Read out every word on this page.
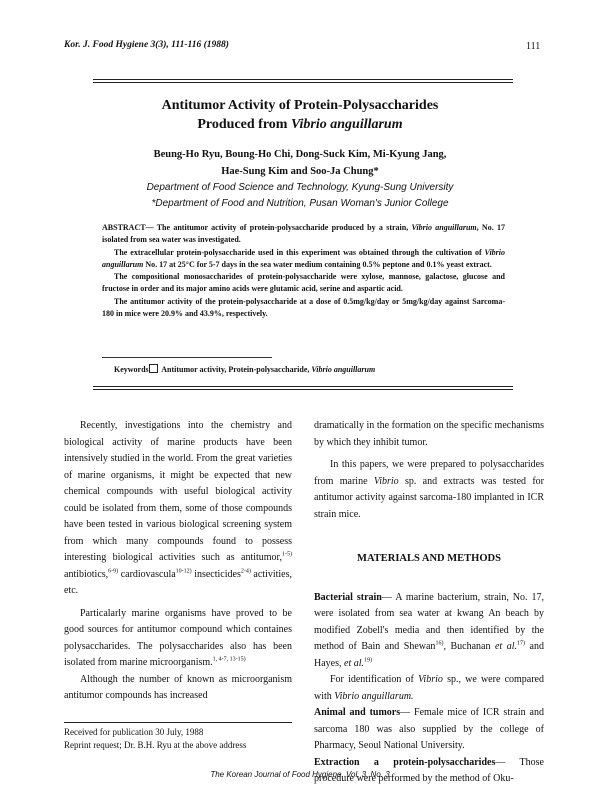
Kor. J. Food Hygiene 3(3), 111-116 (1988)	111
Antitumor Activity of Protein-Polysaccharides
Produced from Vibrio anguillarum
Beung-Ho Ryu, Boung-Ho Chi, Dong-Suck Kim, Mi-Kyung Jang,
Hae-Sung Kim and Soo-Ja Chung*
Department of Food Science and Technology, Kyung-Sung University
*Department of Food and Nutrition, Pusan Woman's Junior College

ABSTRACT— The antitumor activity of protein-polysaccharide produced by a strain, Vibrio anguillarum, No. 17 isolated from sea water was investigated.

The extracellular protein-polysaccharide used in this experiment was obtained through the cultivation of Vibrio anguillarum No. 17 at 25°C for 5-7 days in the sea water medium containing 0.5% peptone and 0.1% yeast extract.

The compositional monosaccharides of protein-polysaccharide were xylose, mannose, galactose, glucose and fructose in order and its major amino acids were glutamic acid, serine and aspartic acid.

The antitumor activity of the protein-polysaccharide at a dose of 0.5mg/kg/day or 5mg/kg/day against Sarcoma-180 in mice were 20.9% and 43.9%, respectively.

Keywords Antitumor activity, Protein-polysaccharide, Vibrio anguillarum

Recently, investigations into the chemistry and biological activity of marine products have been intensively studied in the world. From the great varieties of marine organisms, it might be expected that new chemical compounds with useful biological activity could be isolated from them, some of those compounds have been tested in various biological screening system from which many compounds found to possess interesting biological activities such as antitumor,$^{1-5)}$ antibiotics,$^{6-9)}$ cardiovascula$^{10-12)}$ insecticides$^{2-4)}$ activities, etc.

Particalarly marine organisms have proved to be good sources for antitumor compound which containes polysaccharides. The polysaccharides also has been isolated from marine microorganism.$^{1, 4-7, 13-15)}$

Although the number of known as microorganism antitumor compounds has increased

Received for publication 30 July, 1988
Reprint request; Dr. B.H. Ryu at the above address

dramatically in the formation on the specific mechanisms by which they inhibit tumor.

In this papers, we were prepared to polysaccharides from marine Vibrio sp. and extracts was tested for antitumor activity against sarcoma-180 implanted in ICR strain mice.

MATERIALS AND METHODS

Bacterial strain— A marine bacterium, strain, No. 17, were isolated from sea water at kwang An beach by modified Zobell's media and then identified by the method of Bain and Shewan$^{16)}$, Buchanan et al.$^{17)}$ and Hayes, et al.$^{19)}$

For identification of Vibrio sp., we were compared with Vibrio anguillarum.

Animal and tumors— Female mice of ICR strain and sarcoma 180 was also supplied by the college of Pharmacy, Seoul National University.

Extraction a protein-polysaccharides— Those procedure were performed by the method of Oku-

The Korean Journal of Food Hygiene, Vol. 3, No. 3
